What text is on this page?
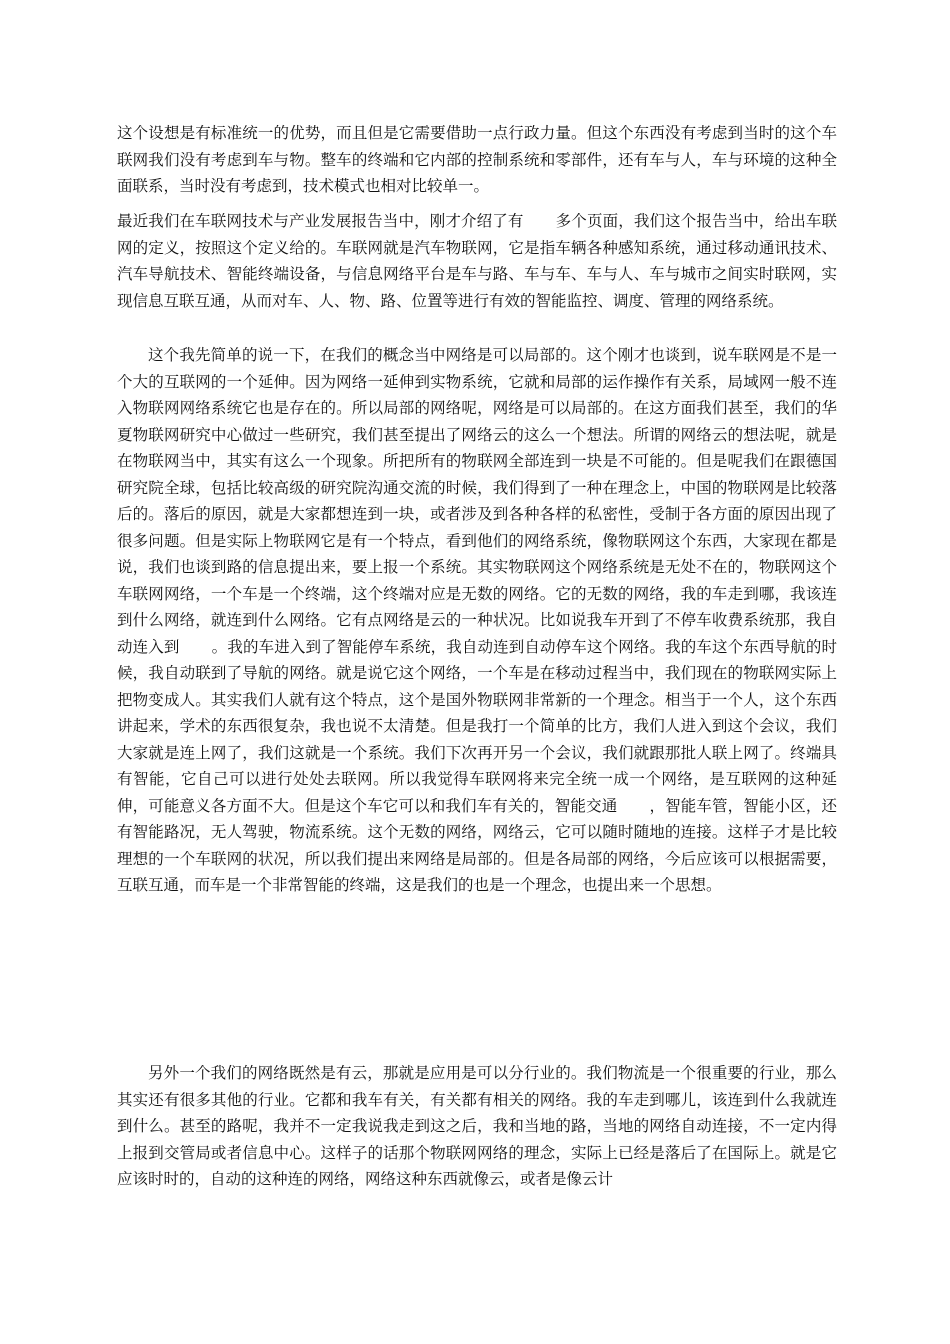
这个设想是有标准统一的优势，而且但是它需要借助一点行政力量。但这个东西没有考虑到当时的这个车联网我们没有考虑到车与物。整车的终端和它内部的控制系统和零部件，还有车与人，车与环境的这种全面联系，当时没有考虑到，技术模式也相对比较单一。

最近我们在车联网技术与产业发展报告当中，刚才介绍了有 多个页面，我们这个报告当中，给出车联网的定义，按照这个定义给的。车联网就是汽车物联网，它是指车辆各种感知系统，通过移动通讯技术、汽车导航技术、智能终端设备，与信息网络平台是车与路、车与车、车与人、车与城市之间实时联网，实现信息互联互通，从而对车、人、物、路、位置等进行有效的智能监控、调度、管理的网络系统。

这个我先简单的说一下，在我们的概念当中网络是可以局部的。这个刚才也谈到，说车联网是不是一个大的互联网的一个延伸。因为网络一延伸到实物系统，它就和局部的运作操作有关系，局域网一般不连入物联网网络系统它也是存在的。所以局部的网络呢，网络是可以局部的。在这方面我们甚至，我们的华夏物联网研究中心做过一些研究，我们甚至提出了网络云的这么一个想法。所谓的网络云的想法呢，就是在物联网当中，其实有这么一个现象。所把所有的物联网全部连到一块是不可能的。但是呢我们在跟德国研究院全球，包括比较高级的研究院沟通交流的时候，我们得到了一种在理念上，中国的物联网是比较落后的。落后的原因，就是大家都想连到一块，或者涉及到各种各样的私密性，受制于各方面的原因出现了很多问题。但是实际上物联网它是有一个特点，看到他们的网络系统，像物联网这个东西，大家现在都是说，我们也谈到路的信息提出来，要上报一个系统。其实物联网这个网络系统是无处不在的，物联网这个车联网网络，一个车是一个终端，这个终端对应是无数的网络。它的无数的网络，我的车走到哪，我该连到什么网络，就连到什么网络。它有点网络是云的一种状况。比如说我车开到了不停车收费系统那，我自动连入到 。我的车进入到了智能停车系统，我自动连到自动停车这个网络。我的车这个东西导航的时候，我自动联到了导航的网络。就是说它这个网络，一个车是在移动过程当中，我们现在的物联网实际上把物变成人。其实我们人就有这个特点，这个是国外物联网非常新的一个理念。相当于一个人，这个东西讲起来，学术的东西很复杂，我也说不太清楚。但是我打一个简单的比方，我们人进入到这个会议，我们大家就是连上网了，我们这就是一个系统。我们下次再开另一个会议，我们就跟那批人联上网了。终端具有智能，它自己可以进行处处去联网。所以我觉得车联网将来完全统一成一个网络，是互联网的这种延伸，可能意义各方面不大。但是这个车它可以和我们车有关的，智能交通 ，智能车管，智能小区，还有智能路况，无人驾驶，物流系统。这个无数的网络，网络云，它可以随时随地的连接。这样子才是比较理想的一个车联网的状况，所以我们提出来网络是局部的。但是各局部的网络，今后应该可以根据需要，互联互通，而车是一个非常智能的终端，这是我们的也是一个理念，也提出来一个思想。

另外一个我们的网络既然是有云，那就是应用是可以分行业的。我们物流是一个很重要的行业，那么其实还有很多其他的行业。它都和我车有关，有关都有相关的网络。我的车走到哪儿，该连到什么我就连到什么。甚至的路呢，我并不一定我说我走到这之后，我和当地的路，当地的网络自动连接，不一定内得上报到交管局或者信息中心。这样子的话那个物联网网络的理念，实际上已经是落后了在国际上。就是它应该时时的，自动的这种连的网络，网络这种东西就像云，或者是像云计
